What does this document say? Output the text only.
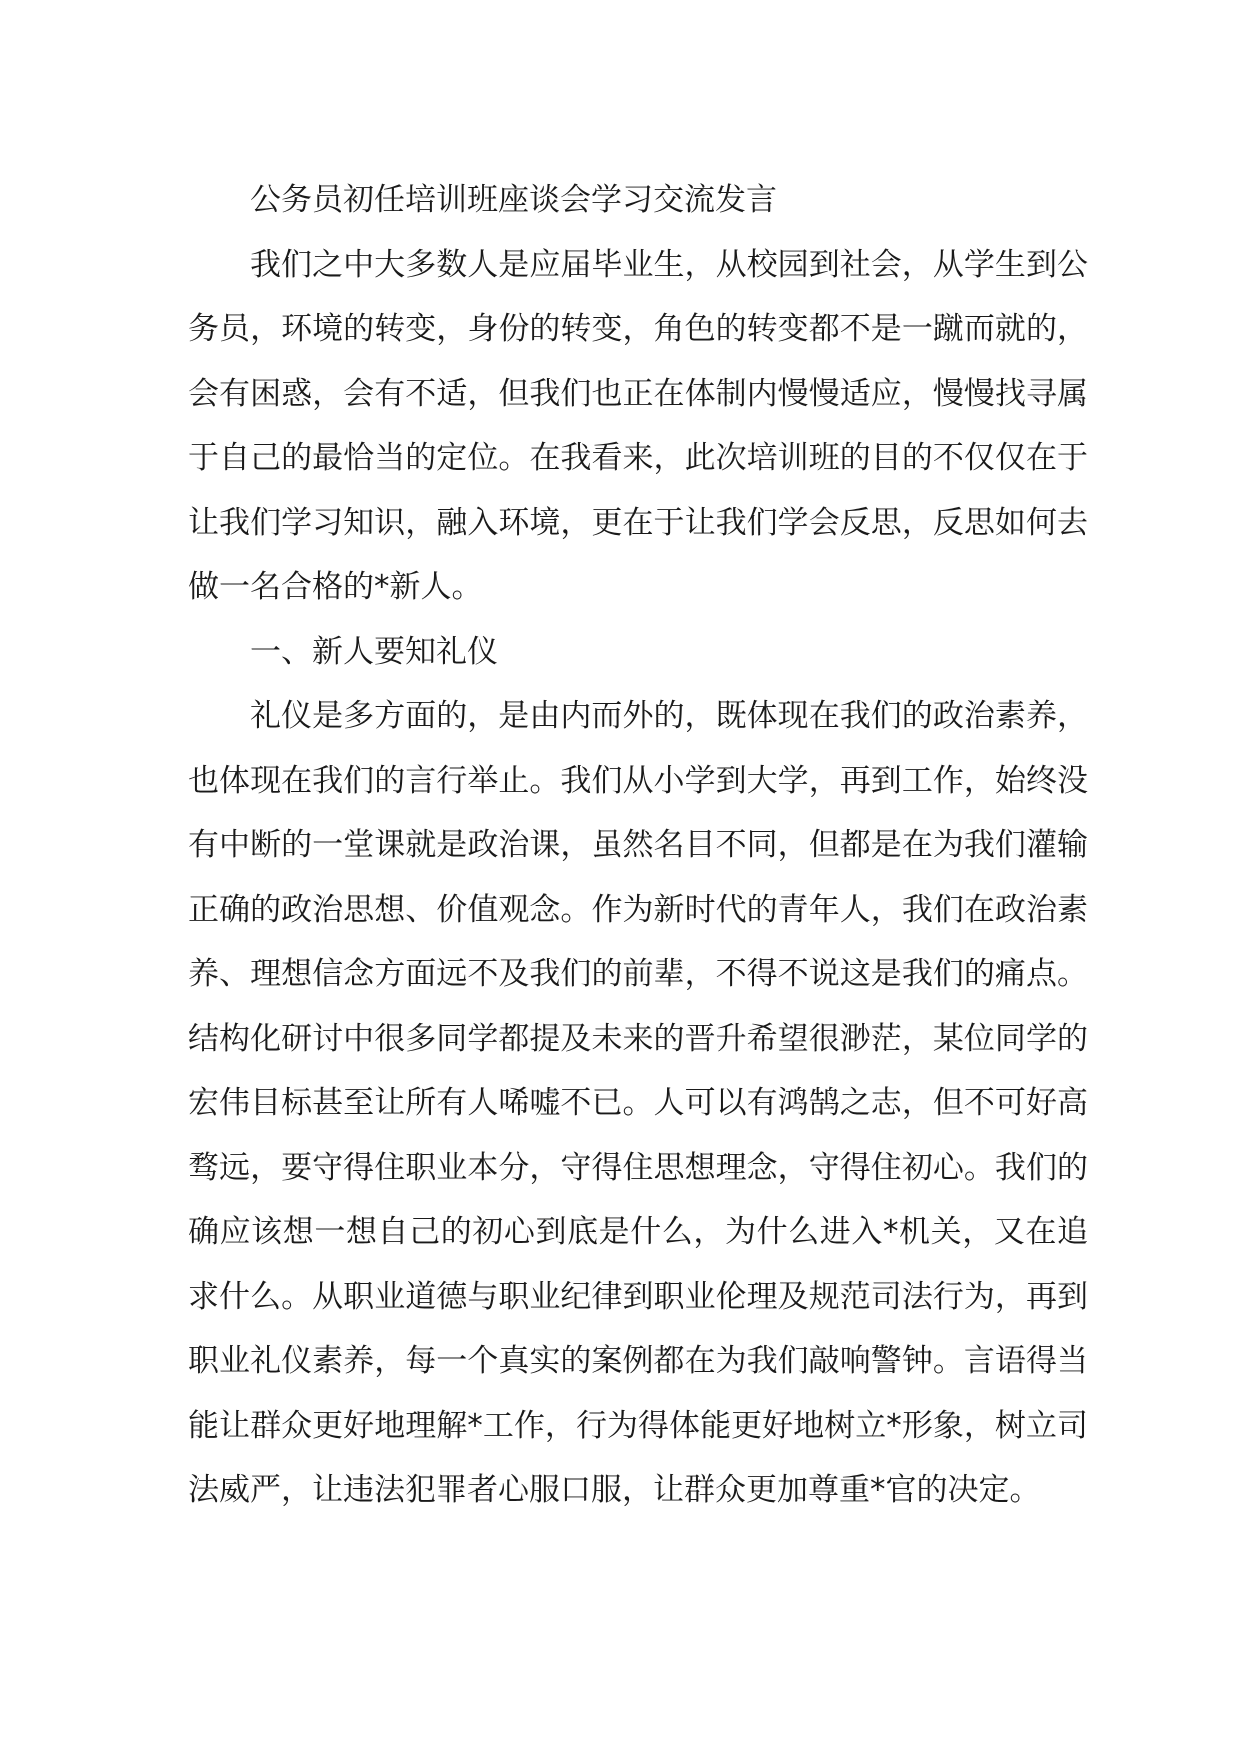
公务员初任培训班座谈会学习交流发言

我们之中大多数人是应届毕业生，从校园到社会，从学生到公务员，环境的转变，身份的转变，角色的转变都不是一蹴而就的，会有困惑，会有不适，但我们也正在体制内慢慢适应，慢慢找寻属于自己的最恰当的定位。在我看来，此次培训班的目的不仅仅在于让我们学习知识，融入环境，更在于让我们学会反思，反思如何去做一名合格的*新人。

一、新人要知礼仪

礼仪是多方面的，是由内而外的，既体现在我们的政治素养，也体现在我们的言行举止。我们从小学到大学，再到工作，始终没有中断的一堂课就是政治课，虽然名目不同，但都是在为我们灌输正确的政治思想、价值观念。作为新时代的青年人，我们在政治素养、理想信念方面远不及我们的前辈，不得不说这是我们的痛点。结构化研讨中很多同学都提及未来的晋升希望很渺茫，某位同学的宏伟目标甚至让所有人唏嘘不已。人可以有鸿鹄之志，但不可好高骛远，要守得住职业本分，守得住思想理念，守得住初心。我们的确应该想一想自己的初心到底是什么，为什么进入*机关，又在追求什么。从职业道德与职业纪律到职业伦理及规范司法行为，再到职业礼仪素养，每一个真实的案例都在为我们敲响警钟。言语得当能让群众更好地理解*工作，行为得体能更好地树立*形象，树立司法威严，让违法犯罪者心服口服，让群众更加尊重*官的决定。
